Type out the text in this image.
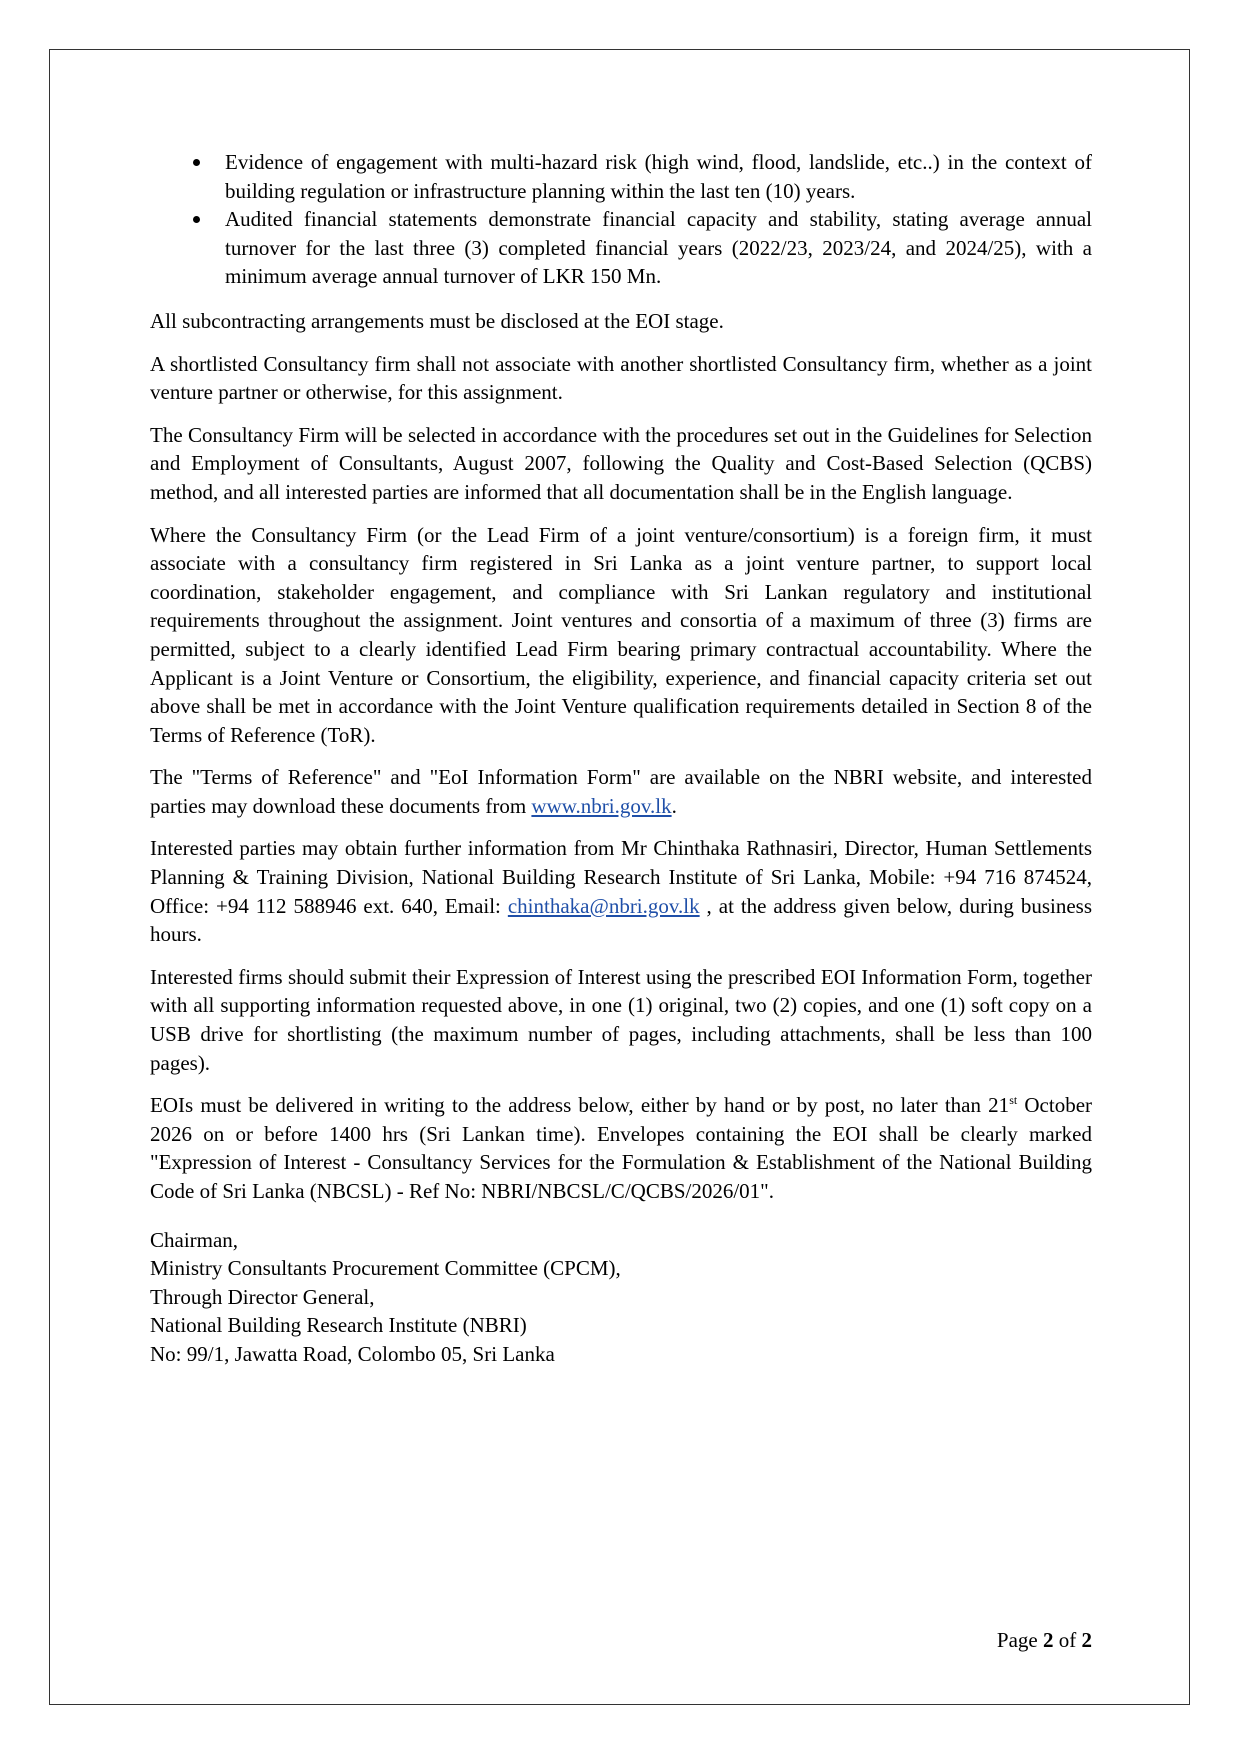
Evidence of engagement with multi-hazard risk (high wind, flood, landslide, etc..) in the context of building regulation or infrastructure planning within the last ten (10) years.
Audited financial statements demonstrate financial capacity and stability, stating average annual turnover for the last three (3) completed financial years (2022/23, 2023/24, and 2024/25), with a minimum average annual turnover of LKR 150 Mn.

All subcontracting arrangements must be disclosed at the EOI stage.

A shortlisted Consultancy firm shall not associate with another shortlisted Consultancy firm, whether as a joint venture partner or otherwise, for this assignment.

The Consultancy Firm will be selected in accordance with the procedures set out in the Guidelines for Selection and Employment of Consultants, August 2007, following the Quality and Cost-Based Selection (QCBS) method, and all interested parties are informed that all documentation shall be in the English language.

Where the Consultancy Firm (or the Lead Firm of a joint venture/consortium) is a foreign firm, it must associate with a consultancy firm registered in Sri Lanka as a joint venture partner, to support local coordination, stakeholder engagement, and compliance with Sri Lankan regulatory and institutional requirements throughout the assignment. Joint ventures and consortia of a maximum of three (3) firms are permitted, subject to a clearly identified Lead Firm bearing primary contractual accountability. Where the Applicant is a Joint Venture or Consortium, the eligibility, experience, and financial capacity criteria set out above shall be met in accordance with the Joint Venture qualification requirements detailed in Section 8 of the Terms of Reference (ToR).

The "Terms of Reference" and "EoI Information Form" are available on the NBRI website, and interested parties may download these documents from www.nbri.gov.lk.

Interested parties may obtain further information from Mr Chinthaka Rathnasiri, Director, Human Settlements Planning & Training Division, National Building Research Institute of Sri Lanka, Mobile: +94 716 874524, Office: +94 112 588946 ext. 640, Email: chinthaka@nbri.gov.lk , at the address given below, during business hours.

Interested firms should submit their Expression of Interest using the prescribed EOI Information Form, together with all supporting information requested above, in one (1) original, two (2) copies, and one (1) soft copy on a USB drive for shortlisting (the maximum number of pages, including attachments, shall be less than 100 pages).

EOIs must be delivered in writing to the address below, either by hand or by post, no later than 21st October 2026 on or before 1400 hrs (Sri Lankan time). Envelopes containing the EOI shall be clearly marked "Expression of Interest - Consultancy Services for the Formulation & Establishment of the National Building Code of Sri Lanka (NBCSL) - Ref No: NBRI/NBCSL/C/QCBS/2026/01".

Chairman,
Ministry Consultants Procurement Committee (CPCM),
Through Director General,
National Building Research Institute (NBRI)
No: 99/1, Jawatta Road, Colombo 05, Sri Lanka
Page 2 of 2
